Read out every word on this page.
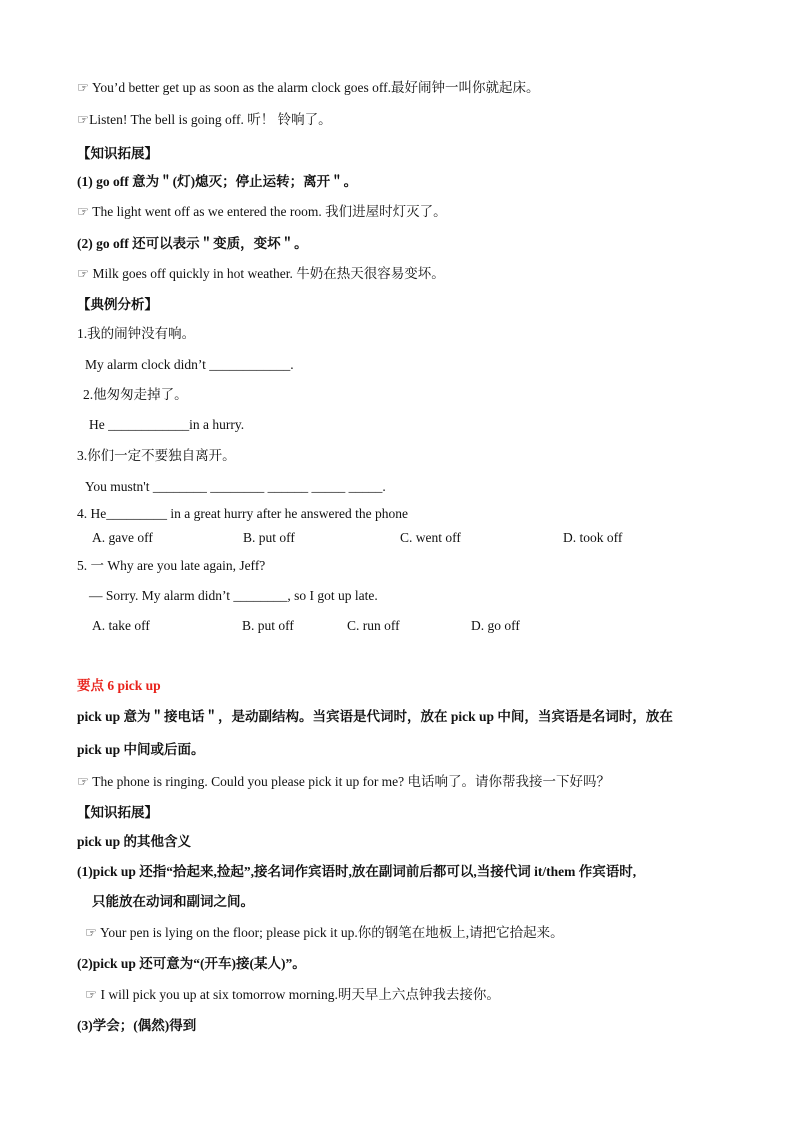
☞ You’d better get up as soon as the alarm clock goes off.最好闹钟一叫你就起床。
☞Listen! The bell is going off. 听！ 铃响了。
【知识拓展】
(1) go off 意为＂(灯)熄灭；停止运转；离开＂。
☞ The light went off as we entered the room. 我们进屋时灯灭了。
(2) go off 还可以表示＂变质，变坏＂。
☞ Milk goes off quickly in hot weather. 牛奶在热天很容易变坏。
【典例分析】
1.我的闹钟没有响。
My alarm clock didn’t ____________.
2.他匆匆走掉了。
He ____________in a hurry.
3.你们一定不要独自离开。
You mustn't ________ ________ ______ _____ _____.
4. He_________ in a great hurry after he answered the phone
A. gave off	B. put off	C. went off	D. took off
5. 一 Why are you late again, Jeff?
— Sorry. My alarm didn’t ________, so I got up late.
A. take off	B. put off	C. run off	D. go off
要点 6 pick up
pick up 意为＂接电话＂，是动副结构。当宾语是代词时，放在 pick up 中间，当宾语是名词时，放在
pick up 中间或后面。
☞ The phone is ringing. Could you please pick it up for me? 电话响了。请你帮我接一下好吗？
【知识拓展】
pick up 的其他含义
(1)pick up 还指“拾起来,捡起”,接名词作宾语时,放在副词前后都可以,当接代词 it/them 作宾语时,
只能放在动词和副词之间。
☞ Your pen is lying on the floor; please pick it up.你的钢笔在地板上,请把它拾起来。
(2)pick up 还可意为“(开车)接(某人)”。
☞ I will pick you up at six tomorrow morning.明天早上六点钟我去接你。
(3)学会；(偶然)得到
